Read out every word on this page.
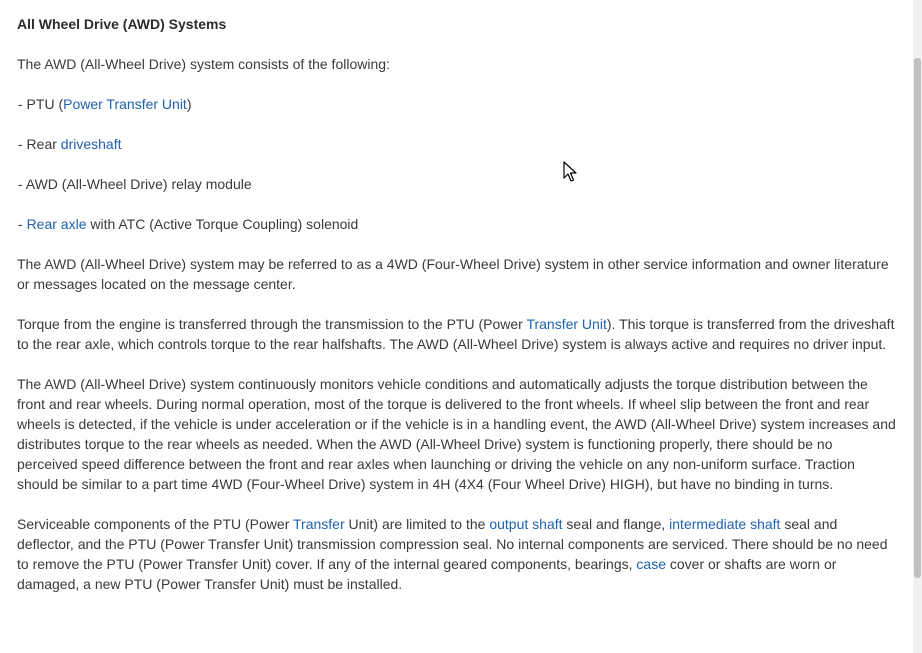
All Wheel Drive (AWD) Systems

The AWD (All-Wheel Drive) system consists of the following:

- PTU (Power Transfer Unit)
- Rear driveshaft
- AWD (All-Wheel Drive) relay module
- Rear axle with ATC (Active Torque Coupling) solenoid

The AWD (All-Wheel Drive) system may be referred to as a 4WD (Four-Wheel Drive) system in other service information and owner literature or messages located on the message center.

Torque from the engine is transferred through the transmission to the PTU (Power Transfer Unit). This torque is transferred from the driveshaft to the rear axle, which controls torque to the rear halfshafts. The AWD (All-Wheel Drive) system is always active and requires no driver input.

The AWD (All-Wheel Drive) system continuously monitors vehicle conditions and automatically adjusts the torque distribution between the front and rear wheels. During normal operation, most of the torque is delivered to the front wheels. If wheel slip between the front and rear wheels is detected, if the vehicle is under acceleration or if the vehicle is in a handling event, the AWD (All-Wheel Drive) system increases and distributes torque to the rear wheels as needed. When the AWD (All-Wheel Drive) system is functioning properly, there should be no perceived speed difference between the front and rear axles when launching or driving the vehicle on any non-uniform surface. Traction should be similar to a part time 4WD (Four-Wheel Drive) system in 4H (4X4 (Four Wheel Drive) HIGH), but have no binding in turns.

Serviceable components of the PTU (Power Transfer Unit) are limited to the output shaft seal and flange, intermediate shaft seal and deflector, and the PTU (Power Transfer Unit) transmission compression seal. No internal components are serviced. There should be no need to remove the PTU (Power Transfer Unit) cover. If any of the internal geared components, bearings, case cover or shafts are worn or damaged, a new PTU (Power Transfer Unit) must be installed.
